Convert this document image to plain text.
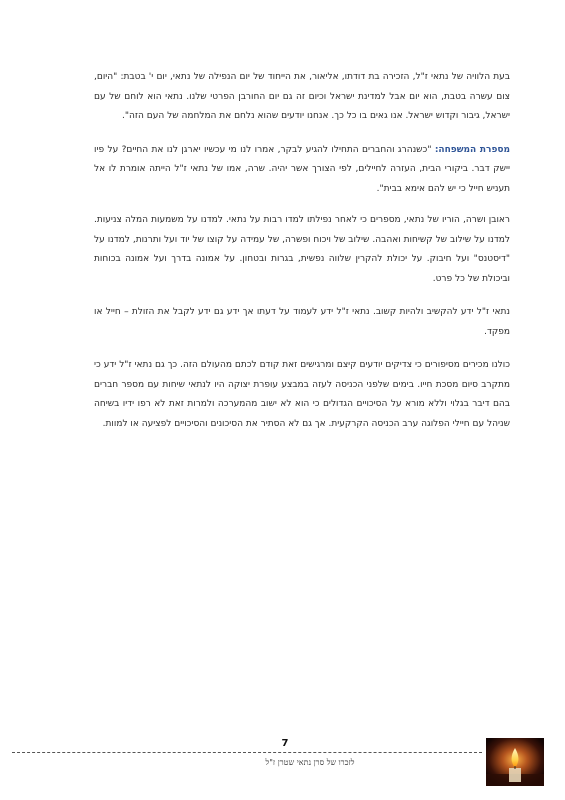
בעת הלוויה של נתאי ז"ל, הזכירה בת דודתו, אליאור, את הייחוד של יום הנפילה של נתאי, יום י' בטבת: "היום, צום עשרה בטבת, הוא יום אבל למדינת ישראל וכיום זה גם יום החורבן הפרטי שלנו. נתאי הוא לוחם של עם ישראל, גיבור וקדוש ישראל. אנו גאים בו כל כך. אנחנו יודעים שהוא נלחם את המלחמה של העם הזה".

מספרת המשפחה: "כשנהרג והחברים התחילו להגיע לבקר, אמרו לנו מי עכשיו יארגן לנו את החיים? על פיו יישק דבר. ביקורי הבית, העזרה לחיילים, לפי הצורך אשר יהיה. שרה, אמו של נתאי ז"ל הייתה אומרת לו אל תעניש חייל כי יש להם אימא בבית".

ראובן ושרה, הוריו של נתאי, מספרים כי לאחר נפילתו למדו רבות על נתאי. למדנו על משמעות המלה צניעות. למדנו על שילוב של קשיחות ואהבה. שילוב של ויכוח ופשרה, של עמידה על קוצו של יוד ועל ותרנות, למדנו על "דיסטנס" ועל חיבוק. על יכולת להקרין שלווה נפשית, בגרות ובטחון. על אמונה בדרך ועל אמונה בכוחות וביכולת של כל פרט.

נתאי ז"ל ידע להקשיב ולהיות קשוב. נתאי ז"ל ידע לעמוד על דעתו אך ידע גם ידע לקבל את הזולת – חייל או מפקד.

כולנו מכירים מסיפורים כי צדיקים יודעים קיצם ומרגישים זאת קודם לכתם מהעולם הזה. כך גם נתאי ז"ל ידע כי מתקרב סיום מסכת חייו. בימים שלפני הכניסה לעזה במבצע עופרת יצוקה היו לנתאי שיחות עם מספר חברים בהם דיבר בגלוי וללא מורא על הסיכויים הגדולים כי הוא לא ישוב מהמערכה ולמרות זאת לא רפו ידיו בשיחה שניהל עם חיילי הפלוגה ערב הכניסה הקרקעית. אך גם לא הסתיר את הסיכונים והסיכויים לפציעה או למוות.

7
לזכרו של סרן נתאי שטרן ז"ל
